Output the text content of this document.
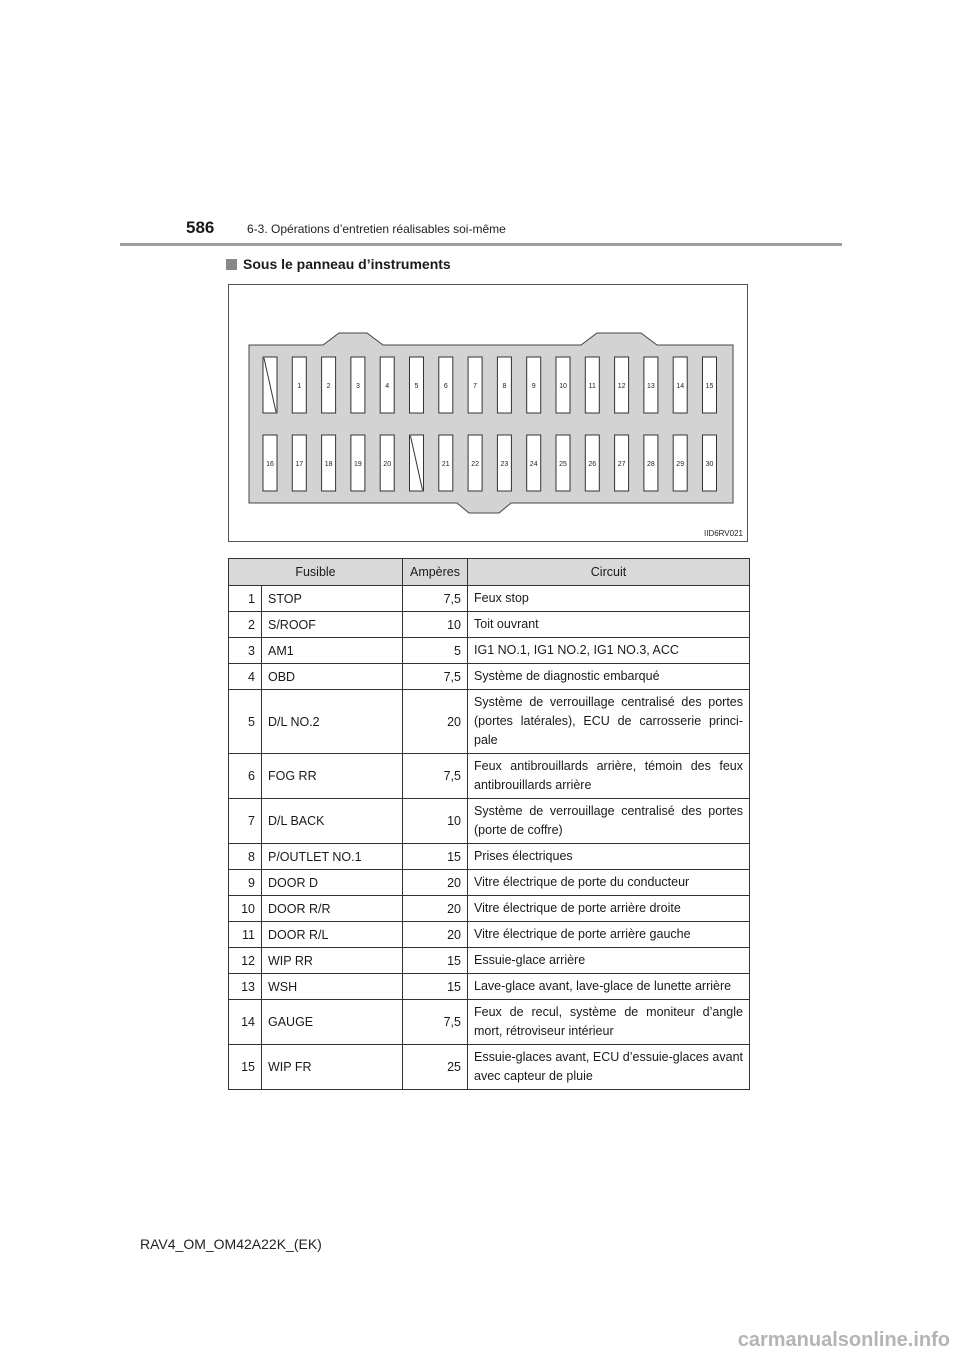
586	6-3. Opérations d’entretien réalisables soi-même
Sous le panneau d’instruments
1	2	3	4	5	6	7	8	9	10	11	12	13	14	15
16	17	18	19	20	21	22	23	24	25	26	27	28	29	30
IID6RV021
Fusible		Ampères	Circuit
1	STOP	7,5	Feux stop
2	S/ROOF	10	Toit ouvrant
3	AM1	5	IG1 NO.1, IG1 NO.2, IG1 NO.3, ACC
4	OBD	7,5	Système de diagnostic embarqué
5	D/L NO.2	20	Système de verrouillage centralisé des portes (portes latérales), ECU de carrosserie princi-pale
6	FOG RR	7,5	Feux antibrouillards arrière, témoin des feux antibrouillards arrière
7	D/L BACK	10	Système de verrouillage centralisé des portes (porte de coffre)
8	P/OUTLET NO.1	15	Prises électriques
9	DOOR D	20	Vitre électrique de porte du conducteur
10	DOOR R/R	20	Vitre électrique de porte arrière droite
11	DOOR R/L	20	Vitre électrique de porte arrière gauche
12	WIP RR	15	Essuie-glace arrière
13	WSH	15	Lave-glace avant, lave-glace de lunette arrière
14	GAUGE	7,5	Feux de recul, système de moniteur d’angle mort, rétroviseur intérieur
15	WIP FR	25	Essuie-glaces avant, ECU d’essuie-glaces avant avec capteur de pluie
RAV4_OM_OM42A22K_(EK)
carmanualsonline.info
